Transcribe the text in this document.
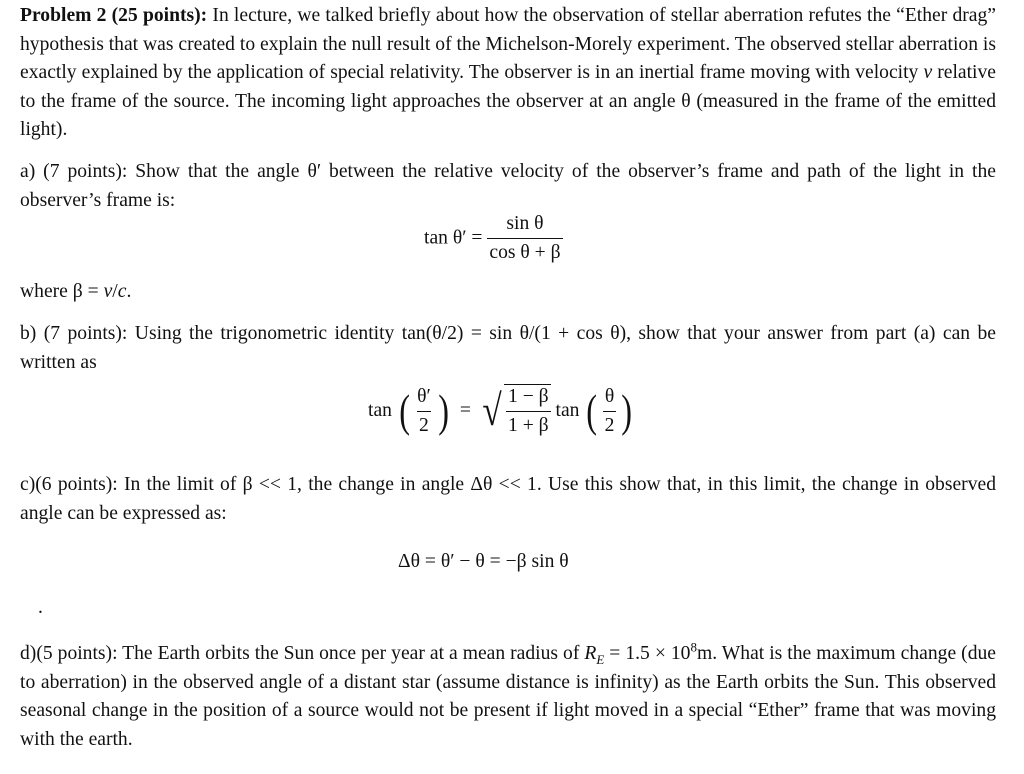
Problem 2 (25 points): In lecture, we talked briefly about how the observation of stellar aberration refutes the “Ether drag” hypothesis that was created to explain the null result of the Michelson-Morely experiment. The observed stellar aberration is exactly explained by the application of special relativity. The observer is in an inertial frame moving with velocity v relative to the frame of the source. The incoming light approaches the observer at an angle θ (measured in the frame of the emitted light).

a) (7 points): Show that the angle θ′ between the relative velocity of the observer’s frame and path of the light in the observer’s frame is:

$\tan \theta' = \frac{\text{sin θ}}{\text{cos θ + β}}$

where β = v/c.

b) (7 points): Using the trigonometric identity tan(θ/2) = sin θ/(1 + cos θ), show that your answer from part (a) can be written as

tan ( $\frac{\theta'}{2}$ ) = √ $\frac{1 - \beta}{1 + \beta}$ tan ( $\frac{\theta}{2}$ )

c)(6 points): In the limit of β << 1, the change in angle Δθ << 1. Use this show that, in this limit, the change in observed angle can be expressed as:

Δθ = θ′ − θ = −β sin θ
.

d)(5 points): The Earth orbits the Sun once per year at a mean radius of $R_E = 1.5 \times 10^8m$. What is the maximum change (due to aberration) in the observed angle of a distant star (assume distance is infinity) as the Earth orbits the Sun. This observed seasonal change in the position of a source would not be present if light moved in a special “Ether” frame that was moving with the earth.
